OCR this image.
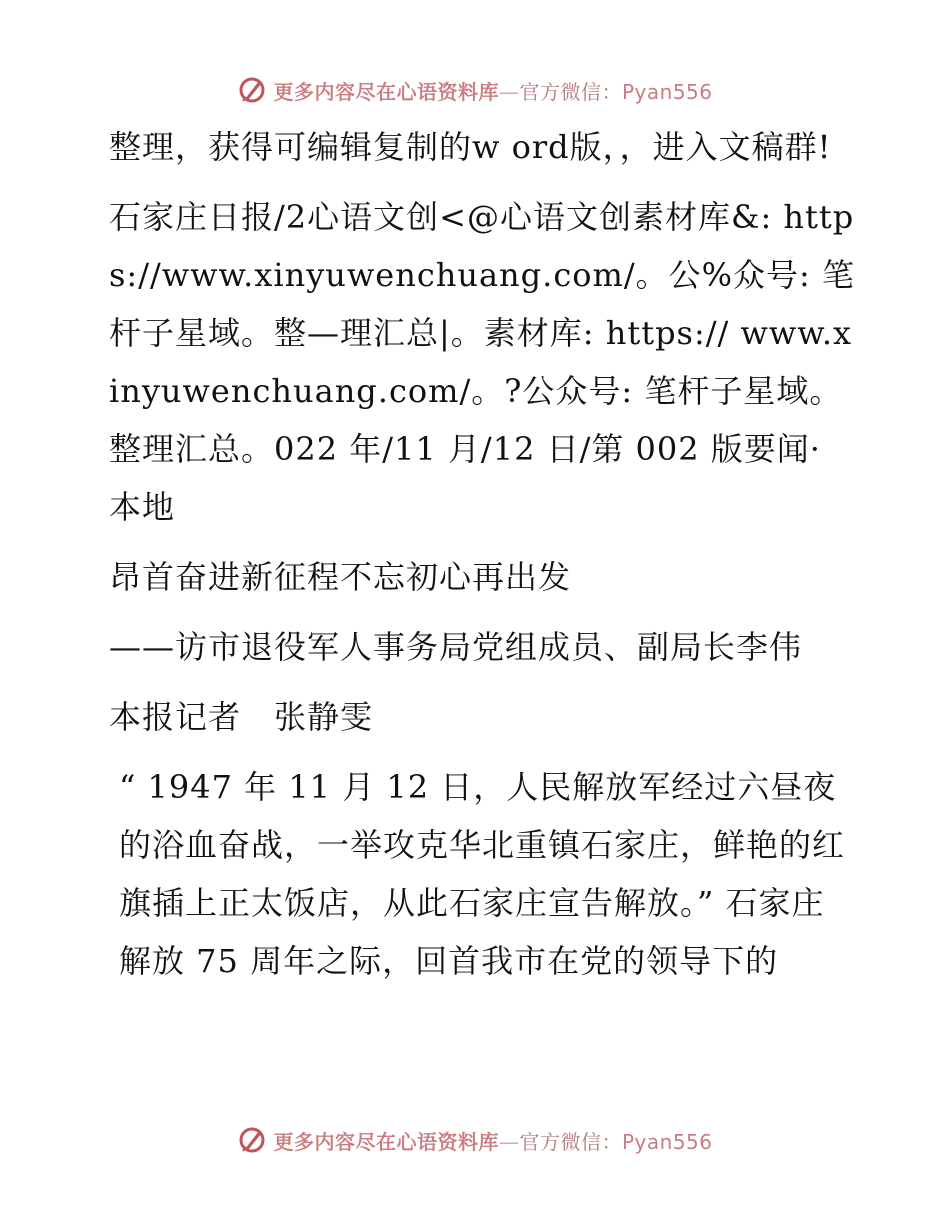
更多内容尽在心语资料库—官方微信：Pyan556

整理，获得可编辑复制的w ord版，，进入文稿群!

石家庄日报/2心语文创<@心语文创素材库&: https://www.xinyuwenchuang.com/。公%众号: 笔杆子星域。整—理汇总|。素材库: https:// www.xinyuwenchuang.com/。?公众号: 笔杆子星域。整理汇总。022 年/11 月/12 日/第 002 版要闻· 本地

昂首奋进新征程不忘初心再出发

——访市退役军人事务局党组成员、副局长李伟

本报记者　张静雯

“ 1947 年 11 月 12 日，人民解放军经过六昼夜的浴血奋战，一举攻克华北重镇石家庄，鲜艳的红旗插上正太饭店，从此石家庄宣告解放。” 石家庄解放 75 周年之际，回首我市在党的领导下的

更多内容尽在心语资料库—官方微信：Pyan556
